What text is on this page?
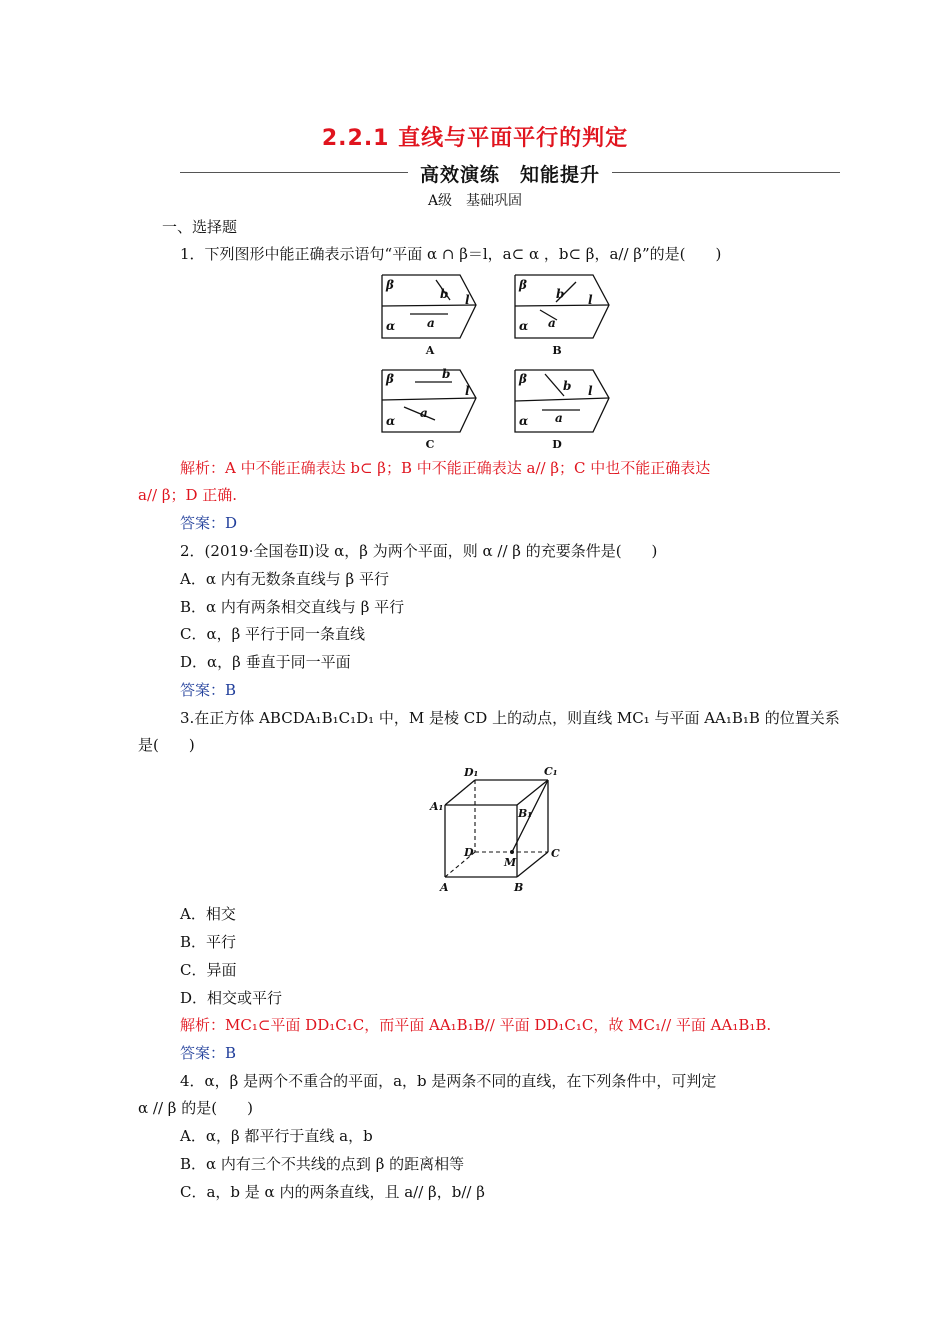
2.2.1 直线与平面平行的判定
高效演练　知能提升
A级　基础巩固
一、选择题
1．下列图形中能正确表示语句“平面 α ∩ β＝l，a⊂ α ，b⊂ β，a// β”的是(　　)
β
b l
a
α
β
b l
a
α
β	b
l
a
α
β	b l
a
α
A	B
C	D
解析：A 中不能正确表达 b⊂ β；B 中不能正确表达 a// β；C 中也不能正确表达
a// β；D 正确.
答案：D
2．(2019·全国卷Ⅱ)设 α，β 为两个平面，则 α // β 的充要条件是(　　)
A．α 内有无数条直线与 β 平行
B．α 内有两条相交直线与 β 平行
C．α，β 平行于同一条直线
D．α，β 垂直于同一平面
答案：B
3.在正方体 ABCDA₁B₁C₁D₁ 中，M 是棱 CD 上的动点，则直线 MC₁ 与平面 AA₁B₁B 的位置关系
是(　　)
D₁	C₁
A₁
B₁
D
M
C
A	B
A．相交
B．平行
C．异面
D．相交或平行
解析：MC₁⊂平面 DD₁C₁C，而平面 AA₁B₁B// 平面 DD₁C₁C，故 MC₁// 平面 AA₁B₁B.
答案：B
4．α，β 是两个不重合的平面，a，b 是两条不同的直线，在下列条件中，可判定
α // β 的是(　　)
A．α，β 都平行于直线 a，b
B．α 内有三个不共线的点到 β 的距离相等
C．a，b 是 α 内的两条直线，且 a// β，b// β
